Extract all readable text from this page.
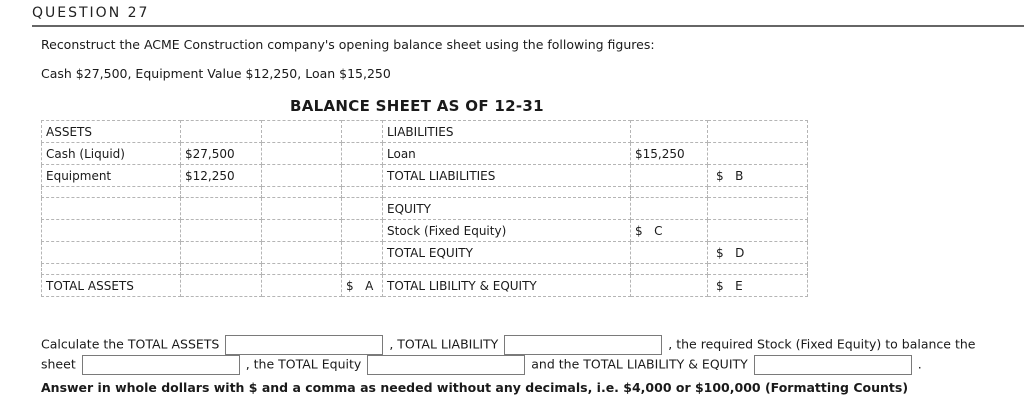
QUESTION 27
Reconstruct the ACME Construction company's opening balance sheet using the following figures:
Cash $27,500, Equipment Value $12,250, Loan $15,250
BALANCE SHEET AS OF 12-31
ASSETS				LIABILITIES		
Cash (Liquid)	$27,500			Loan	$15,250	
Equipment	$12,250			TOTAL LIABILITIES		$   B

				EQUITY		
				Stock (Fixed Equity)	$   C	
				TOTAL EQUITY		$   D

TOTAL ASSETS			$   A	TOTAL LIBILITY & EQUITY		$   E
Calculate the TOTAL ASSETS	, TOTAL LIABILITY	, the required Stock (Fixed Equity) to balance the
sheet	, the TOTAL Equity	and the TOTAL LIABILITY & EQUITY	.
Answer in whole dollars with $ and a comma as needed without any decimals, i.e. $4,000 or $100,000 (Formatting Counts)
